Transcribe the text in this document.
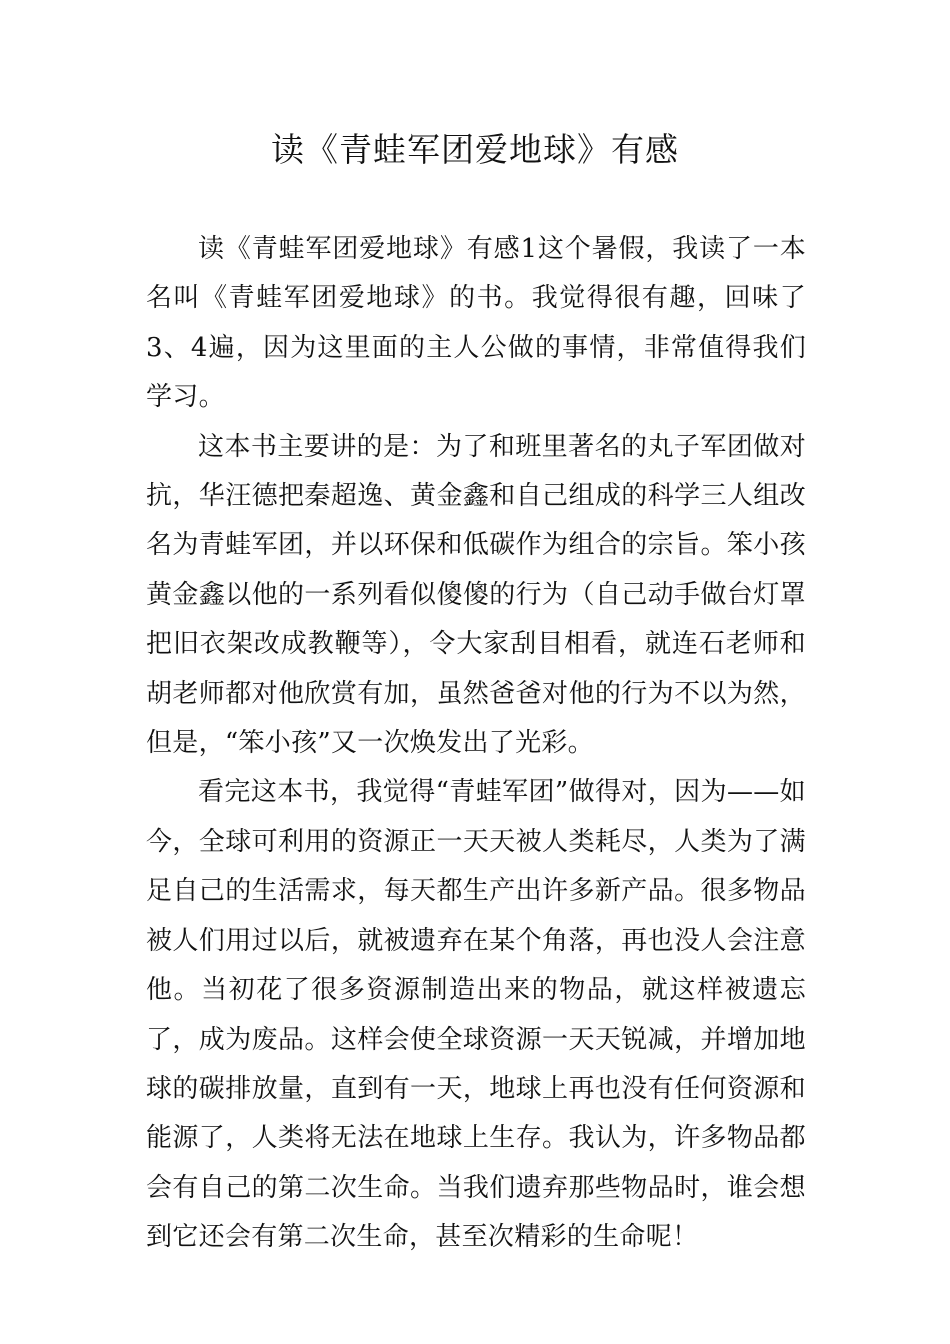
读《青蛙军团爱地球》有感

读《青蛙军团爱地球》有感1这个暑假，我读了一本名叫《青蛙军团爱地球》的书。我觉得很有趣，回味了3、4遍，因为这里面的主人公做的事情，非常值得我们学习。

这本书主要讲的是：为了和班里著名的丸子军团做对抗，华汪德把秦超逸、黄金鑫和自己组成的科学三人组改名为青蛙军团，并以环保和低碳作为组合的宗旨。笨小孩黄金鑫以他的一系列看似傻傻的行为（自己动手做台灯罩把旧衣架改成教鞭等），令大家刮目相看，就连石老师和胡老师都对他欣赏有加，虽然爸爸对他的行为不以为然，但是，“笨小孩”又一次焕发出了光彩。

看完这本书，我觉得“青蛙军团”做得对，因为——如今，全球可利用的资源正一天天被人类耗尽，人类为了满足自己的生活需求，每天都生产出许多新产品。很多物品被人们用过以后，就被遗弃在某个角落，再也没人会注意他。当初花了很多资源制造出来的物品，就这样被遗忘了，成为废品。这样会使全球资源一天天锐减，并增加地球的碳排放量，直到有一天，地球上再也没有任何资源和能源了，人类将无法在地球上生存。我认为，许多物品都会有自己的第二次生命。当我们遗弃那些物品时，谁会想到它还会有第二次生命，甚至次精彩的生命呢！
